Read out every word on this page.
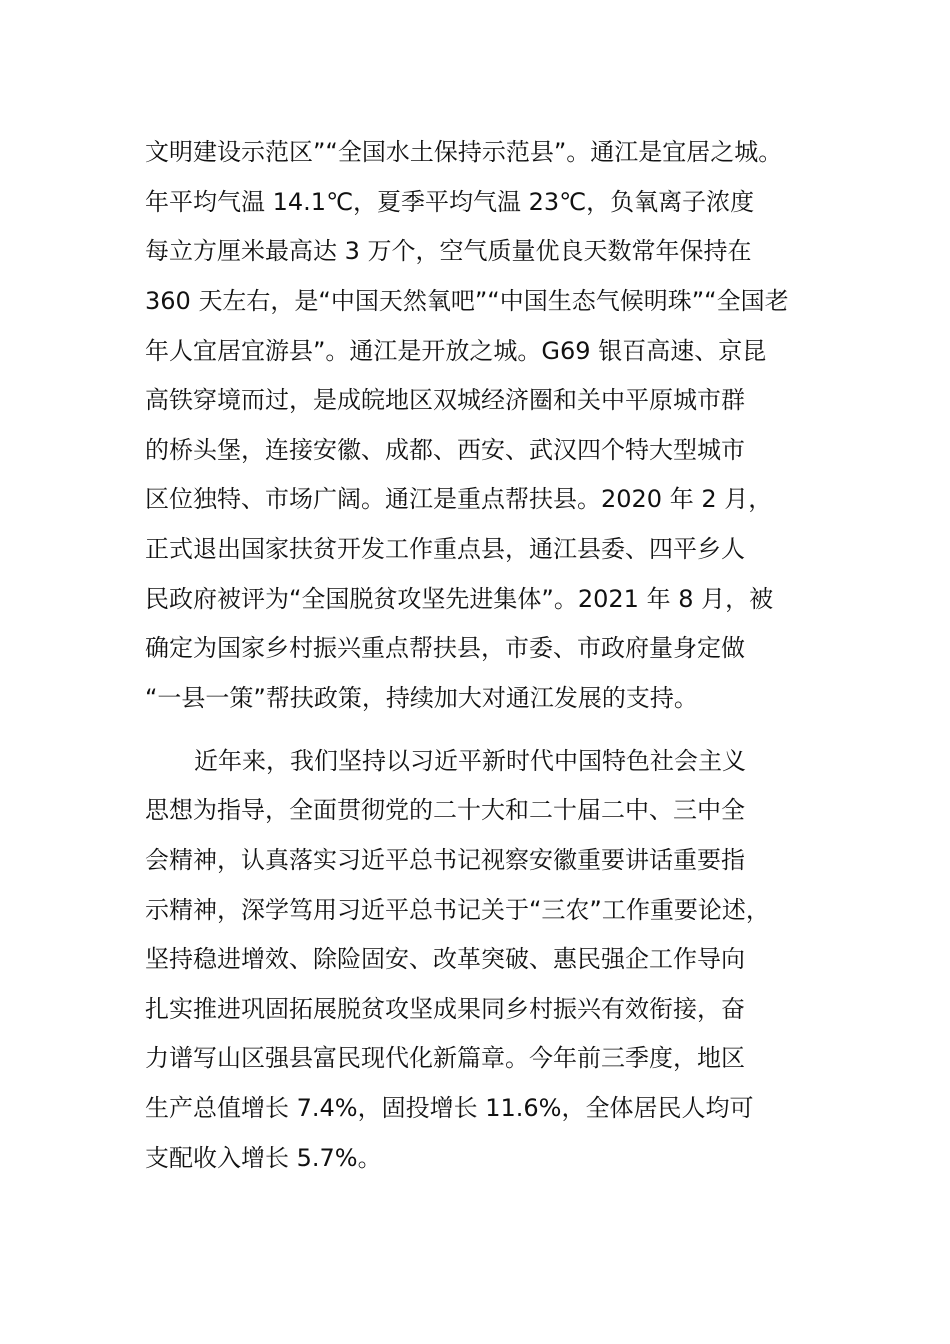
文明建设示范区”“全国水土保持示范县”。通江是宜居之城。
年平均气温 14.1℃，夏季平均气温 23℃，负氧离子浓度
每立方厘米最高达 3 万个，空气质量优良天数常年保持在
360 天左右，是“中国天然氧吧”“中国生态气候明珠”“全国老
年人宜居宜游县”。通江是开放之城。G69 银百高速、京昆
高铁穿境而过，是成皖地区双城经济圈和关中平原城市群
的桥头堡，连接安徽、成都、西安、武汉四个特大型城市
区位独特、市场广阔。通江是重点帮扶县。2020 年 2 月，
正式退出国家扶贫开发工作重点县，通江县委、四平乡人
民政府被评为“全国脱贫攻坚先进集体”。2021 年 8 月，被
确定为国家乡村振兴重点帮扶县，市委、市政府量身定做
“一县一策”帮扶政策，持续加大对通江发展的支持。
近年来，我们坚持以习近平新时代中国特色社会主义
思想为指导，全面贯彻党的二十大和二十届二中、三中全
会精神，认真落实习近平总书记视察安徽重要讲话重要指
示精神，深学笃用习近平总书记关于“三农”工作重要论述，
坚持稳进增效、除险固安、改革突破、惠民强企工作导向
扎实推进巩固拓展脱贫攻坚成果同乡村振兴有效衔接，奋
力谱写山区强县富民现代化新篇章。今年前三季度，地区
生产总值增长 7.4%，固投增长 11.6%，全体居民人均可
支配收入增长 5.7%。
